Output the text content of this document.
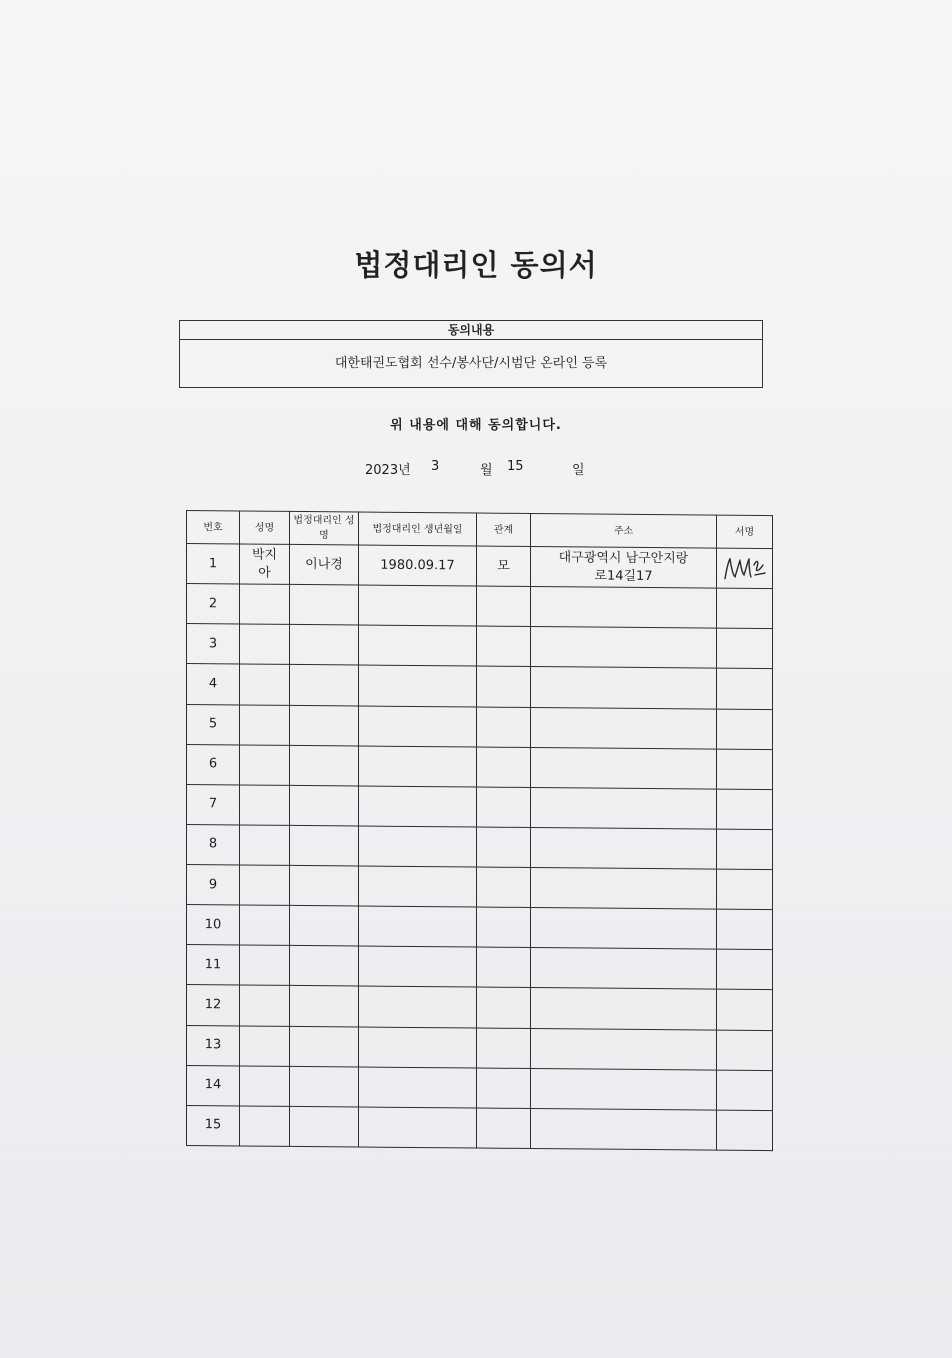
법정대리인 동의서
동의내용
대한태권도협회 선수/봉사단/시범단 온라인 등록
위 내용에 대해 동의합니다.
2023년 3	월 15	일
번호	성명	법정대리인 성명	법정대리인 생년월일	관계	주소	서명
1	박지아	이나경	1980.09.17	모	대구광역시 남구안지랑로14길17	

2						
3						
4						
5						
6						
7						
8						
9						
10						
11						
12						
13						
14						
15						
